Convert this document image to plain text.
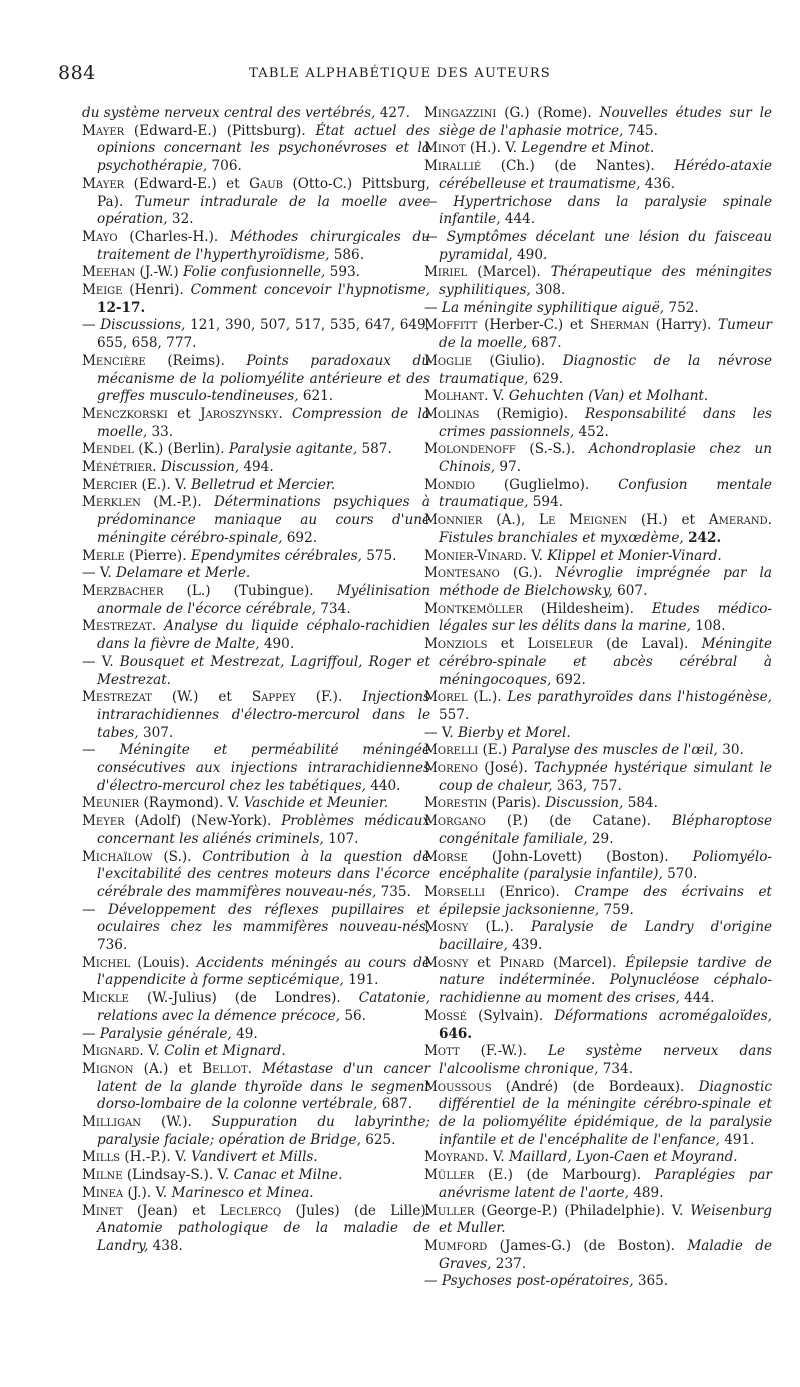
884	TABLE ALPHABÉTIQUE DES AUTEURS

du système nerveux central des vertébrés, 427.

Mayer (Edward-E.) (Pittsburg). État actuel des opinions concernant les psychonévroses et la psychothérapie, 706.

Mayer (Edward-E.) et Gaub (Otto-C.) Pittsburg, Pa). Tumeur intradurale de la moelle avec opération, 32.

Mayo (Charles-H.). Méthodes chirurgicales du traitement de l'hyperthyroïdisme, 586.

Meehan (J.-W.) Folie confusionnelle, 593.

Meige (Henri). Comment concevoir l'hypnotisme, 12-17.

— Discussions, 121, 390, 507, 517, 535, 647, 649, 655, 658, 777.

Mencière (Reims). Points paradoxaux du mécanisme de la poliomyélite antérieure et des greffes musculo-tendineuses, 621.

Menczkorski et Jaroszynsky. Compression de la moelle, 33.

Mendel (K.) (Berlin). Paralysie agitante, 587.

Ménétrier. Discussion, 494.

Mercier (E.). V. Belletrud et Mercier.

Merklen (M.-P.). Déterminations psychiques à prédominance maniaque au cours d'une méningite cérébro-spinale, 692.

Merle (Pierre). Ependymites cérébrales, 575.

— V. Delamare et Merle.

Merzbacher (L.) (Tubingue). Myélinisation anormale de l'écorce cérébrale, 734.

Mestrezat. Analyse du liquide céphalo-rachidien dans la fièvre de Malte, 490.

— V. Bousquet et Mestrezat, Lagriffoul, Roger et Mestrezat.

Mestrezat (W.) et Sappey (F.). Injections intrarachidiennes d'électro-mercurol dans le tabes, 307.

— Méningite et perméabilité méningée consécutives aux injections intrarachidiennes d'électro-mercurol chez les tabétiques, 440.

Meunier (Raymond). V. Vaschide et Meunier.

Meyer (Adolf) (New-York). Problèmes médicaux concernant les aliénés criminels, 107.

Michaïlow (S.). Contribution à la question de l'excitabilité des centres moteurs dans l'écorce cérébrale des mammifères nouveau-nés, 735.

— Développement des réflexes pupillaires et oculaires chez les mammifères nouveau-nés, 736.

Michel (Louis). Accidents méningés au cours de l'appendicite à forme septicémique, 191.

Mickle (W.-Julius) (de Londres). Catatonie, relations avec la démence précoce, 56.

— Paralysie générale, 49.

Mignard. V. Colin et Mignard.

Mignon (A.) et Bellot. Métastase d'un cancer latent de la glande thyroïde dans le segment dorso-lombaire de la colonne vertébrale, 687.

Milligan (W.). Suppuration du labyrinthe; paralysie faciale; opération de Bridge, 625.

Mills (H.-P.). V. Vandivert et Mills.

Milne (Lindsay-S.). V. Canac et Milne.

Minea (J.). V. Marinesco et Minea.

Minet (Jean) et Leclercq (Jules) (de Lille). Anatomie pathologique de la maladie de Landry, 438.

Mingazzini (G.) (Rome). Nouvelles études sur le siège de l'aphasie motrice, 745.

Minot (H.). V. Legendre et Minot.

Mirallié (Ch.) (de Nantes). Hérédo-ataxie cérébelleuse et traumatisme, 436.

— Hypertrichose dans la paralysie spinale infantile, 444.

— Symptômes décelant une lésion du faisceau pyramidal, 490.

Miriel (Marcel). Thérapeutique des méningites syphilitiques, 308.

— La méningite syphilitique aiguë, 752.

Moffitt (Herber-C.) et Sherman (Harry). Tumeur de la moelle, 687.

Moglie (Giulio). Diagnostic de la névrose traumatique, 629.

Molhant. V. Gehuchten (Van) et Molhant.

Molinas (Remigio). Responsabilité dans les crimes passionnels, 452.

Molondenoff (S.-S.). Achondroplasie chez un Chinois, 97.

Mondio (Guglielmo). Confusion mentale traumatique, 594.

Monnier (A.), Le Meignen (H.) et Amerand. Fistules branchiales et myxœdème, 242.

Monier-Vinard. V. Klippel et Monier-Vinard.

Montesano (G.). Névroglie imprégnée par la méthode de Bielchowsky, 607.

Montkemöller (Hildesheim). Etudes médico-légales sur les délits dans la marine, 108.

Monziols et Loiseleur (de Laval). Méningite cérébro-spinale et abcès cérébral à méningocoques, 692.

Morel (L.). Les parathyroïdes dans l'histogénèse, 557.

— V. Bierby et Morel.

Morelli (E.) Paralyse des muscles de l'œil, 30.

Moreno (José). Tachypnée hystérique simulant le coup de chaleur, 363, 757.

Morestin (Paris). Discussion, 584.

Morgano (P.) (de Catane). Blépharoptose congénitale familiale, 29.

Morse (John-Lovett) (Boston). Poliomyélo-encéphalite (paralysie infantile), 570.

Morselli (Enrico). Crampe des écrivains et épilepsie jacksonienne, 759.

Mosny (L.). Paralysie de Landry d'origine bacillaire, 439.

Mosny et Pinard (Marcel). Épilepsie tardive de nature indéterminée. Polynucléose céphalo-rachidienne au moment des crises, 444.

Mossé (Sylvain). Déformations acromégaloïdes, 646.

Mott (F.-W.). Le système nerveux dans l'alcoolisme chronique, 734.

Moussous (André) (de Bordeaux). Diagnostic différentiel de la méningite cérébro-spinale et de la poliomyélite épidémique, de la paralysie infantile et de l'encéphalite de l'enfance, 491.

Moyrand. V. Maillard, Lyon-Caen et Moyrand.

Müller (E.) (de Marbourg). Paraplégies par anévrisme latent de l'aorte, 489.

Muller (George-P.) (Philadelphie). V. Weisenburg et Muller.

Mumford (James-G.) (de Boston). Maladie de Graves, 237.

— Psychoses post-opératoires, 365.
